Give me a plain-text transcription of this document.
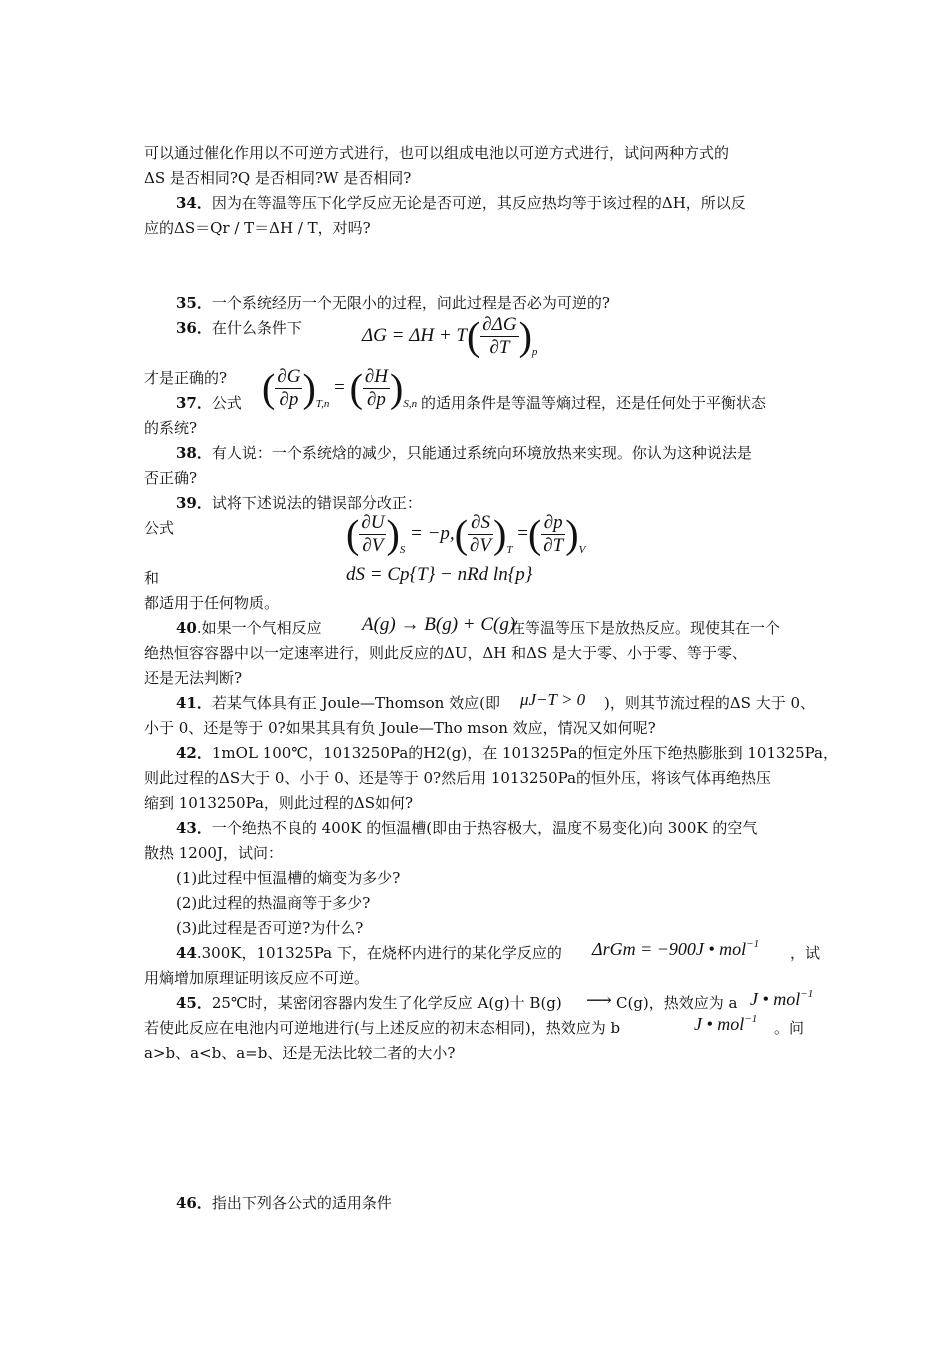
可以通过催化作用以不可逆方式进行，也可以组成电池以可逆方式进行，试问两种方式的
ΔS 是否相同?Q 是否相同?W 是否相同?
34．因为在等温等压下化学反应无论是否可逆，其反应热均等于该过程的ΔH，所以反
应的ΔS＝Qr / T＝ΔH / T，对吗?
35．一个系统经历一个无限小的过程，问此过程是否必为可逆的?
36．在什么条件下	$\Delta G = \Delta H + T( \frac{\partial\Delta G}{\partial T} )_p$
才是正确的?
37．公式 ( $\frac{\partial G}{\partial p} )_{T,n}$ = ( $\frac{\partial H}{\partial p} )_{S,n}$ 的适用条件是等温等熵过程，还是任何处于平衡状态
的系统?
38．有人说：一个系统焓的减少，只能通过系统向环境放热来实现。你认为这种说法是
否正确?
39．试将下述说法的错误部分改正：
公式	( $\frac{\partial U}{\partial V} )_S = -p,( \frac{\partial S}{\partial V} )_T$ =( $\frac{\partial p}{\partial T} )_V$
和	dS = Cp{T} − nRd ln{p}
都适用于任何物质。
40.如果一个气相反应 A(g) → B(g) + C(g)
在等温等压下是放热反应。现使其在一个
绝热恒容容器中以一定速率进行，则此反应的ΔU，ΔH 和ΔS 是大于零、小于零、等于零、
还是无法判断?
41．若某气体具有正 Joule—Thomson 效应(即 μJ−T > 0 )，则其节流过程的ΔS 大于 0、
小于 0、还是等于 0?如果其具有负 Joule—Tho mson 效应，情况又如何呢?
42．1mOL 100℃，1013250Pa的H2(g)，在 101325Pa的恒定外压下绝热膨胀到 101325Pa，
则此过程的ΔS大于 0、小于 0、还是等于 0?然后用 1013250Pa的恒外压，将该气体再绝热压
缩到 1013250Pa，则此过程的ΔS如何?
43．一个绝热不良的 400K 的恒温槽(即由于热容极大，温度不易变化)向 300K 的空气
散热 1200J，试问：
(1)此过程中恒温槽的熵变为多少?
(2)此过程的热温商等于多少?
(3)此过程是否可逆?为什么?
44.300K，101325Pa 下，在烧杯内进行的某化学反应的 ΔrGm = −900J • mol$^{-1}$ ，试
用熵增加原理证明该反应不可逆。
45．25℃时，某密闭容器内发生了化学反应 A(g)十 B(g) ⟶ C(g)，热效应为 a J • mol$^{-1}$
若使此反应在电池内可逆地进行(与上述反应的初末态相同)，热效应为 b	J • mol$^{-1}$ 。问
a>b、a<b、a=b、还是无法比较二者的大小?
46．指出下列各公式的适用条件
